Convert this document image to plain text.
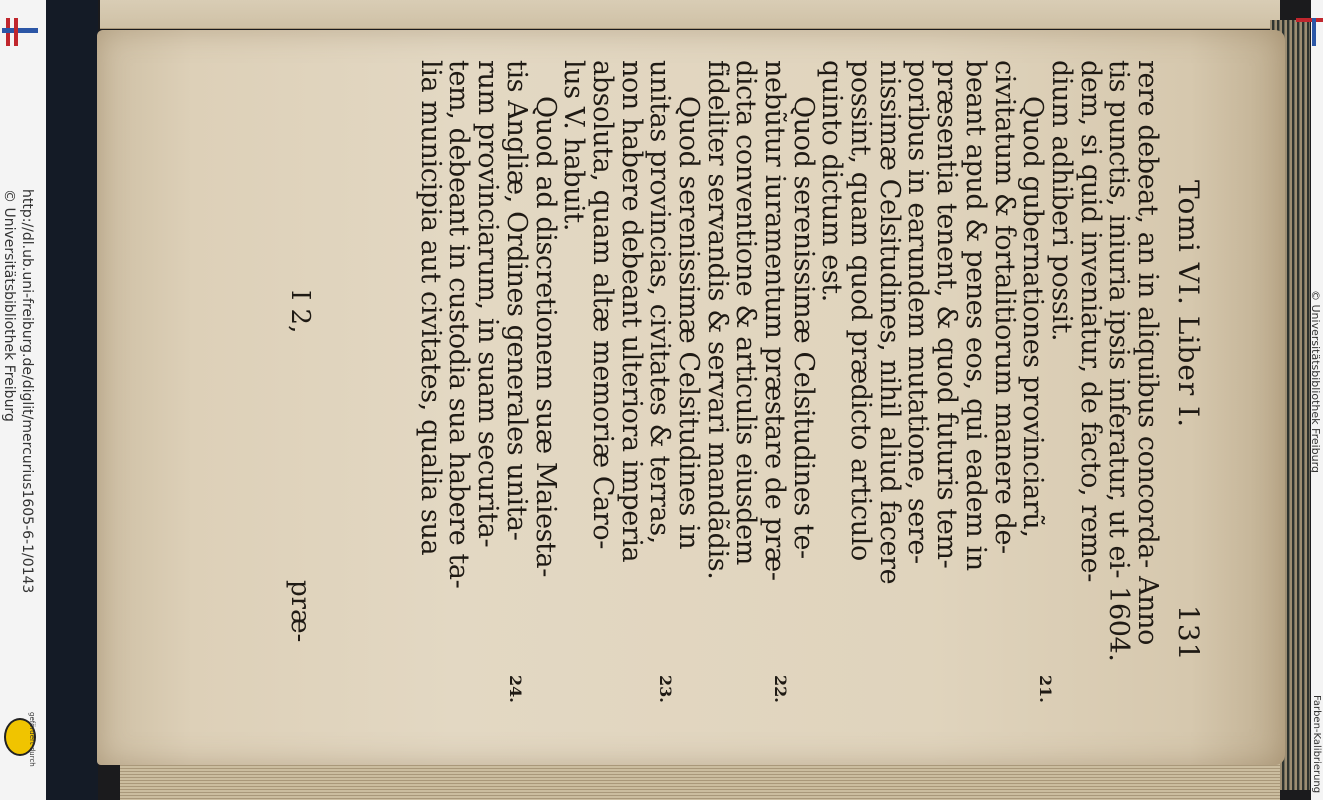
http://dl.ub.uni-freiburg.de/diglit/mercurius1605-6-1/0143
© Universitätsbibliothek Freiburg
gefördert durch
Tomi VI. Liber I.
131
rere debeat, an in aliquibus concorda- Anno
tis punctis, iniuria ipsis inferatur, ut ei- 1604.
dem, si quid inveniatur, de facto, reme-
dium adhiberi possit.
Quod gubernationes provinciarũ,
civitatum & fortalitiorum manere de-
beant apud & penes eos, qui eadem in
præsentia tenent, & quod futuris tem-
poribus in earundem mutatione, sere-
nissimæ Celsitudines, nihil aliud facere
possint, quam quod prædicto articulo
quinto dictum est.
Quod serenissimæ Celsitudines te-
nebũtur iuramentum præstare de præ-
dicta conventione & articulis eiusdem
fideliter servandis & servari mandãdis.
Quod serenissimæ Celsitudines in
unitas provincias, civitates & terras,
non habere debeant ulteriora imperia
absoluta, quam altæ memoriæ Caro-
lus V. habuit.
Quod ad discretionem suæ Maiesta-
tis Angliæ, Ordines generales unita-
rum provinciarum, in suam securita-
tem, debeant in custodia sua habere ta-
lia municipia aut civitates, qualia sua
21.
22.
23.
24.
I 2,
præ-
© Universitätsbibliothek Freiburg
Farben-Kalibrierung
